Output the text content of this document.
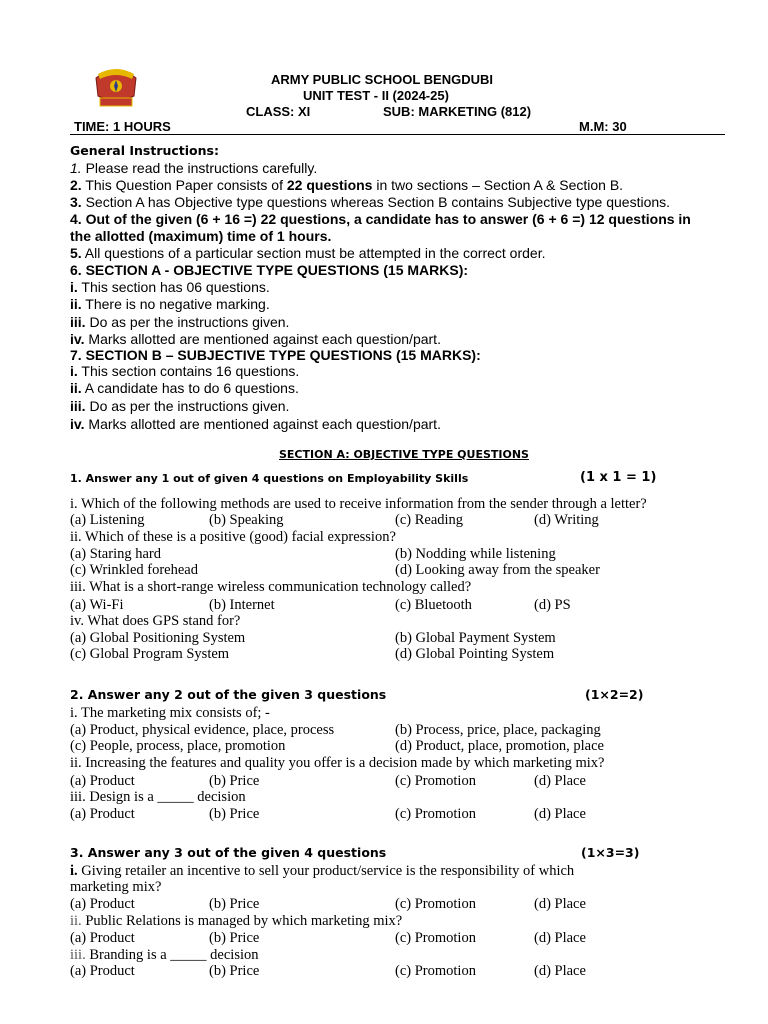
ARMY PUBLIC SCHOOL BENGDUBI
UNIT TEST - II (2024-25)
CLASS: XI	SUB: MARKETING (812)
TIME: 1 HOURS	M.M: 30
General Instructions:
1. Please read the instructions carefully.
2. This Question Paper consists of 22 questions in two sections – Section A & Section B.
3. Section A has Objective type questions whereas Section B contains Subjective type questions.
4. Out of the given (6 + 16 =) 22 questions, a candidate has to answer (6 + 6 =) 12 questions in
the allotted (maximum) time of 1 hours.
5. All questions of a particular section must be attempted in the correct order.
6. SECTION A - OBJECTIVE TYPE QUESTIONS (15 MARKS):
i. This section has 06 questions.
ii. There is no negative marking.
iii. Do as per the instructions given.
iv. Marks allotted are mentioned against each question/part.
7. SECTION B – SUBJECTIVE TYPE QUESTIONS (15 MARKS):
i. This section contains 16 questions.
ii. A candidate has to do 6 questions.
iii. Do as per the instructions given.
iv. Marks allotted are mentioned against each question/part.
SECTION A: OBJECTIVE TYPE QUESTIONS
1. Answer any 1 out of given 4 questions on Employability Skills	(1 x 1 = 1)
i. Which of the following methods are used to receive information from the sender through a letter?
(a) Listening	(b) Speaking	(c) Reading	(d) Writing
ii. Which of these is a positive (good) facial expression?
(a) Staring hard	(b) Nodding while listening
(c) Wrinkled forehead	(d) Looking away from the speaker
iii. What is a short-range wireless communication technology called?
(a) Wi-Fi	(b) Internet	(c) Bluetooth	(d) PS
iv. What does GPS stand for?
(a) Global Positioning System	(b) Global Payment System
(c) Global Program System	(d) Global Pointing System
2. Answer any 2 out of the given 3 questions	(1×2=2)
i. The marketing mix consists of; -
(a) Product, physical evidence, place, process	(b) Process, price, place, packaging
(c) People, process, place, promotion	(d) Product, place, promotion, place
ii. Increasing the features and quality you offer is a decision made by which marketing mix?
(a) Product	(b) Price	(c) Promotion	(d) Place
iii. Design is a _____ decision
(a) Product	(b) Price	(c) Promotion	(d) Place
3. Answer any 3 out of the given 4 questions	(1×3=3)
i. Giving retailer an incentive to sell your product/service is the responsibility of which
marketing mix?
(a) Product	(b) Price	(c) Promotion	(d) Place
ii. Public Relations is managed by which marketing mix?
(a) Product	(b) Price	(c) Promotion	(d) Place
iii. Branding is a _____ decision
(a) Product	(b) Price	(c) Promotion	(d) Place
